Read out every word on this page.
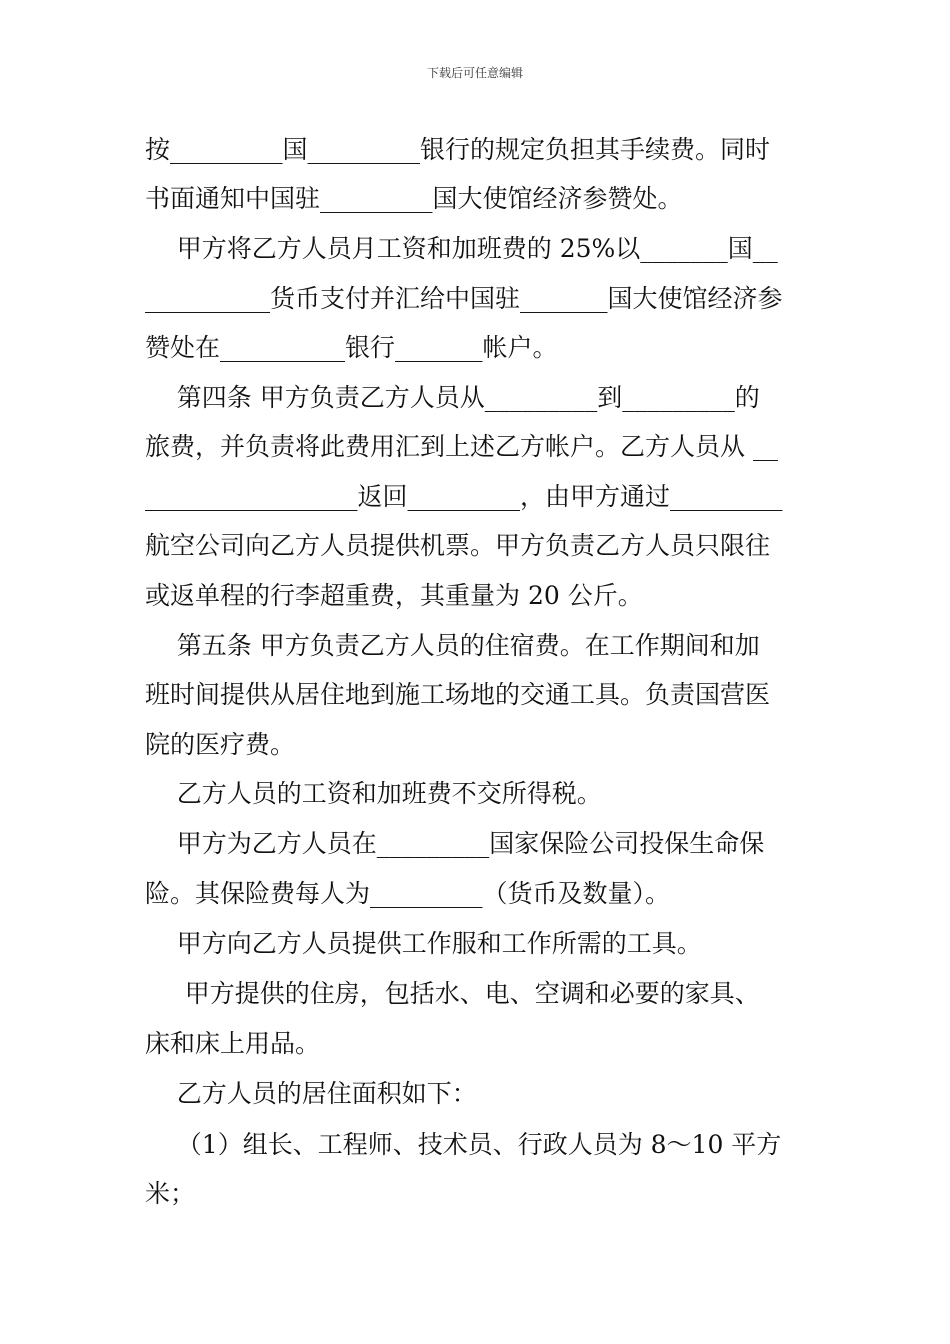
下载后可任意编辑
按_________国_________银行的规定负担其手续费。同时
书面通知中国驻_________国大使馆经济参赞处。
甲方将乙方人员月工资和加班费的 25%以_______国__
__________货币支付并汇给中国驻_______国大使馆经济参
赞处在__________银行_______帐户。
第四条 甲方负责乙方人员从_________到_________的
旅费，并负责将此费用汇到上述乙方帐户。乙方人员从 __
_________________返回_________，由甲方通过_________
航空公司向乙方人员提供机票。甲方负责乙方人员只限往
或返单程的行李超重费，其重量为 20 公斤。
第五条 甲方负责乙方人员的住宿费。在工作期间和加
班时间提供从居住地到施工场地的交通工具。负责国营医
院的医疗费。
乙方人员的工资和加班费不交所得税。
甲方为乙方人员在_________国家保险公司投保生命保
险。其保险费每人为_________（货币及数量）。
甲方向乙方人员提供工作服和工作所需的工具。
甲方提供的住房，包括水、电、空调和必要的家具、
床和床上用品。
乙方人员的居住面积如下：
（1）组长、工程师、技术员、行政人员为 8～10 平方
米；
